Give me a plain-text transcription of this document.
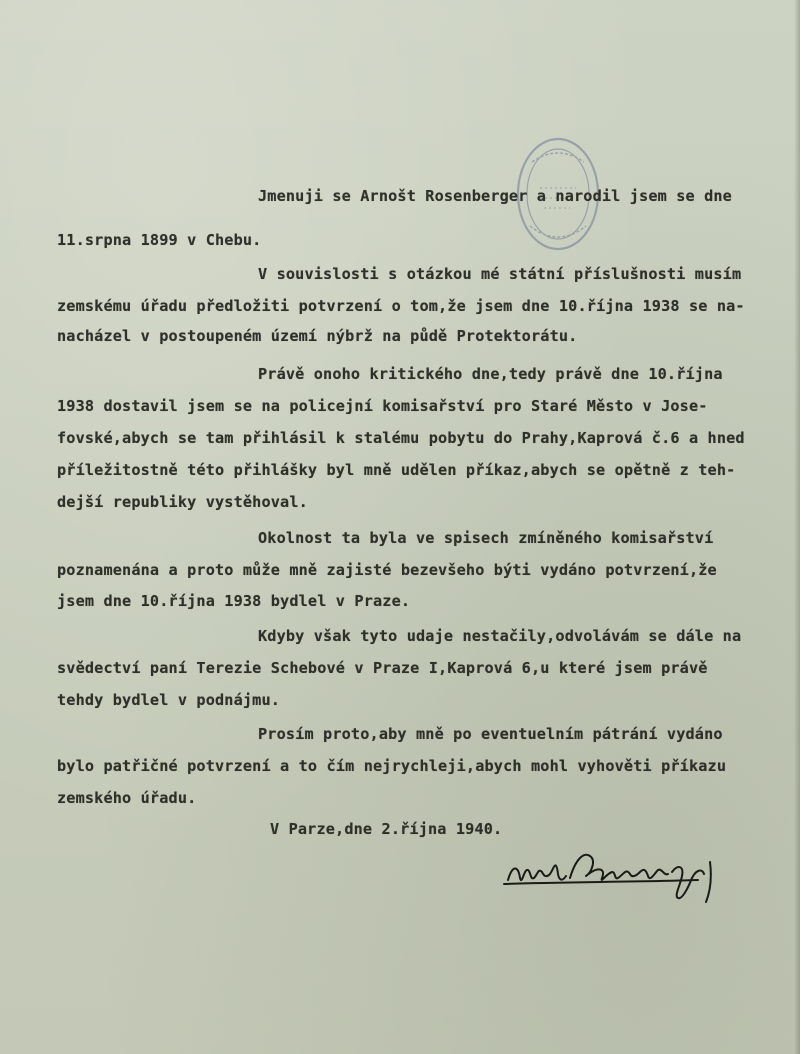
Jmenuji se Arnošt Rosenberger a narodil jsem se dne
11.srpna 1899 v Chebu.
V souvislosti s otázkou mé státní příslušnosti musím
zemskému úřadu předložiti potvrzení o tom,že jsem dne 10.října 1938 se na-
nacházel v postoupeném území nýbrž na půdě Protektorátu.
Právě onoho kritického dne,tedy právě dne 10.října
1938 dostavil jsem se na policejní komisařství pro Staré Město v Jose-
fovské,abych se tam přihlásil k stalému pobytu do Prahy,Kaprová č.6 a hned
příležitostně této přihlášky byl mně udělen příkaz,abych se opětně z teh-
dejší republiky vystěhoval.
Okolnost ta byla ve spisech zmíněného komisařství
poznamenána a proto může mně zajisté bezevšeho býti vydáno potvrzení,že
jsem dne 10.října 1938 bydlel v Praze.
Kdyby však tyto udaje nestačily,odvolávám se dále na
svědectví paní Terezie Schebové v Praze I,Kaprová 6,u které jsem právě
tehdy bydlel v podnájmu.
Prosím proto,aby mně po eventuelním pátrání vydáno
bylo patřičné potvrzení a to čím nejrychleji,abych mohl vyhověti příkazu
zemského úřadu.
V Parze,dne 2.října 1940.
